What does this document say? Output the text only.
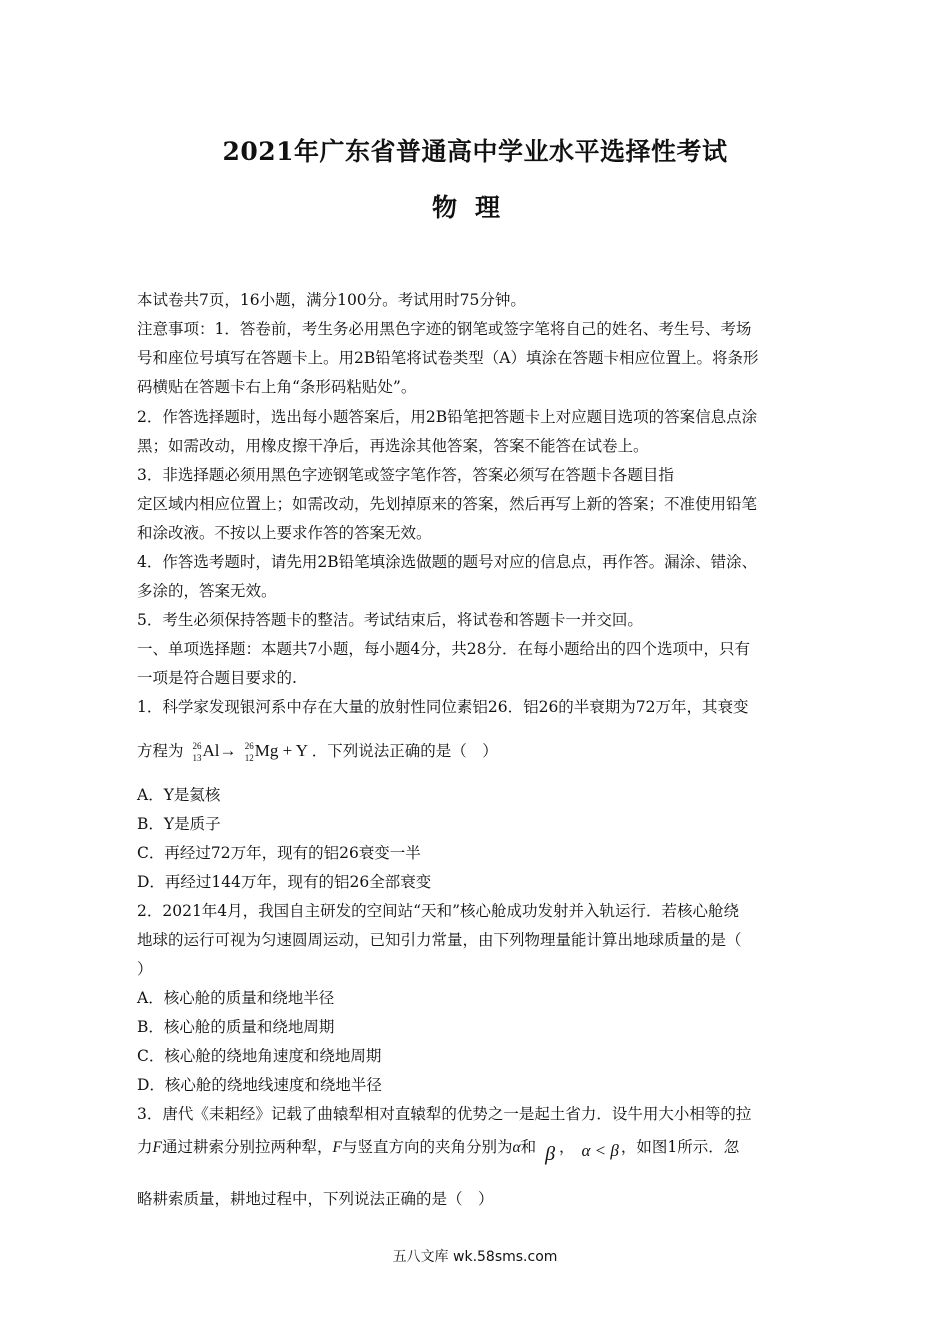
2021年广东省普通高中学业水平选择性考试
物理
本试卷共7页，16小题，满分100分。考试用时75分钟。
注意事项：1．答卷前，考生务必用黑色字迹的钢笔或签字笔将自己的姓名、考生号、考场
号和座位号填写在答题卡上。用2B铅笔将试卷类型（A）填涂在答题卡相应位置上。将条形
码横贴在答题卡右上角“条形码粘贴处”。
2．作答选择题时，选出每小题答案后，用2B铅笔把答题卡上对应题目选项的答案信息点涂
黑；如需改动，用橡皮擦干净后，再选涂其他答案，答案不能答在试卷上。
3．非选择题必须用黑色字迹钢笔或签字笔作答，答案必须写在答题卡各题目指
定区域内相应位置上；如需改动，先划掉原来的答案，然后再写上新的答案；不准使用铅笔
和涂改液。不按以上要求作答的答案无效。
4．作答选考题时，请先用2B铅笔填涂选做题的题号对应的信息点，再作答。漏涂、错涂、
多涂的，答案无效。
5．考生必须保持答题卡的整洁。考试结束后，将试卷和答题卡一并交回。
一、单项选择题：本题共7小题，每小题4分，共28分．在每小题给出的四个选项中，只有
一项是符合题目要求的.
1．科学家发现银河系中存在大量的放射性同位素铝26．铝26的半衰期为72万年，其衰变
方程为 26
13 Al→ 26
12 Mg + Y ．下列说法正确的是（　）
A．Y是氦核
B．Y是质子
C．再经过72万年，现有的铝26衰变一半
D．再经过144万年，现有的铝26全部衰变
2．2021年4月，我国自主研发的空间站“天和”核心舱成功发射并入轨运行．若核心舱绕
地球的运行可视为匀速圆周运动，已知引力常量，由下列物理量能计算出地球质量的是（
）
A．核心舱的质量和绕地半径
B．核心舱的质量和绕地周期
C．核心舱的绕地角速度和绕地周期
D．核心舱的绕地线速度和绕地半径
3．唐代《耒耜经》记载了曲辕犁相对直辕犁的优势之一是起土省力．设牛用大小相等的拉
力F通过耕索分别拉两种犁，F与竖直方向的夹角分别为α和 β ， α < β ，如图1所示．忽
略耕索质量，耕地过程中，下列说法正确的是（　）
五八文库 wk.58sms.com
